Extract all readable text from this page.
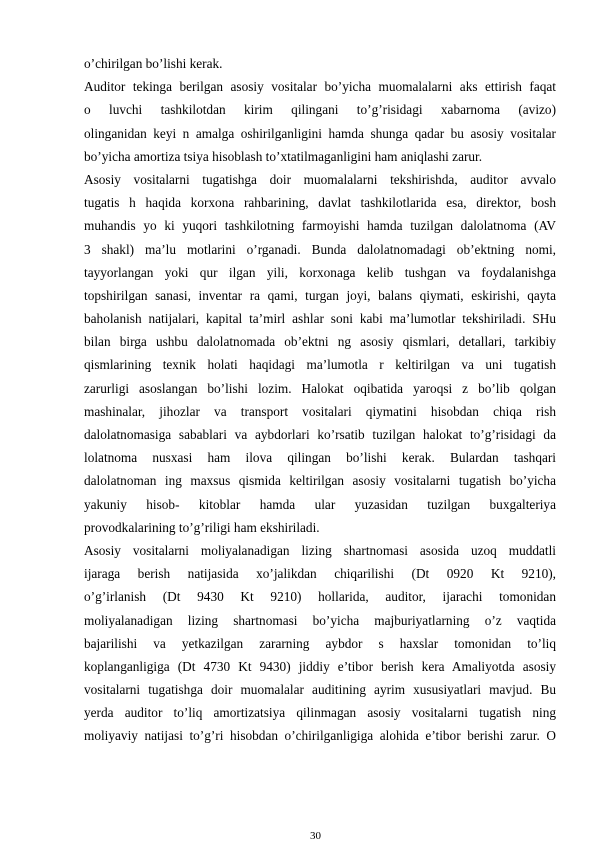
o’chirilgan bo’lishi kerak.
Auditor tekinga berilgan asosiy vositalar bo’yicha muomalalarni aks ettirish faqat
o luvchi tashkilotdan kirim qilingani to’g’risidagi xabarnoma (avizo)
olinganidan keyi n amalga oshirilganligini hamda shunga qadar bu asosiy vositalar
bo’yicha amortiza tsiya hisoblash to’xtatilmaganligini ham aniqlashi zarur.
Asosiy vositalarni tugatishga doir muomalalarni tekshirishda, auditor avvalo
tugatis h haqida korxona rahbarining, davlat tashkilotlarida esa, direktor, bosh
muhandis yo ki yuqori tashkilotning farmoyishi hamda tuzilgan dalolatnoma (AV
3 shakl) ma’lu motlarini o’rganadi. Bunda dalolatnomadagi ob’ektning nomi,
tayyorlangan yoki qur ilgan yili, korxonaga kelib tushgan va foydalanishga
topshirilgan sanasi, inventar ra qami, turgan joyi, balans qiymati, eskirishi, qayta
baholanish natijalari, kapital ta’mirl ashlar soni kabi ma’lumotlar tekshiriladi. SHu
bilan birga ushbu dalolatnomada ob’ektni ng asosiy qismlari, detallari, tarkibiy
qismlarining texnik holati haqidagi ma’lumotla r keltirilgan va uni tugatish
zarurligi asoslangan bo’lishi lozim. Halokat oqibatida yaroqsi z bo’lib qolgan
mashinalar, jihozlar va transport vositalari qiymatini hisobdan chiqa rish
dalolatnomasiga sabablari va aybdorlari ko’rsatib tuzilgan halokat to’g’risidagi da
lolatnoma nusxasi ham ilova qilingan bo’lishi kerak. Bulardan tashqari
dalolatnoman ing maxsus qismida keltirilgan asosiy vositalarni tugatish bo’yicha
yakuniy hisob- kitoblar hamda ular yuzasidan tuzilgan buxgalteriya
provodkalarining to’g’riligi ham ekshiriladi.
Asosiy vositalarni moliyalanadigan lizing shartnomasi asosida uzoq muddatli
ijaraga berish natijasida xo’jalikdan chiqarilishi (Dt 0920 Kt 9210),
o’g’irlanish (Dt 9430 Kt 9210) hollarida, auditor, ijarachi tomonidan
moliyalanadigan lizing shartnomasi bo’yicha majburiyatlarning o’z vaqtida
bajarilishi va yetkazilgan zararning aybdor s haxslar tomonidan to’liq
koplanganligiga (Dt 4730 Kt 9430) jiddiy e’tibor berish kera Amaliyotda asosiy
vositalarni tugatishga doir muomalalar auditining ayrim xususiyatlari mavjud. Bu
yerda auditor to’liq amortizatsiya qilinmagan asosiy vositalarni tugatish ning
moliyaviy natijasi to’g’ri hisobdan o’chirilganligiga alohida e’tibor berishi zarur. O
30
